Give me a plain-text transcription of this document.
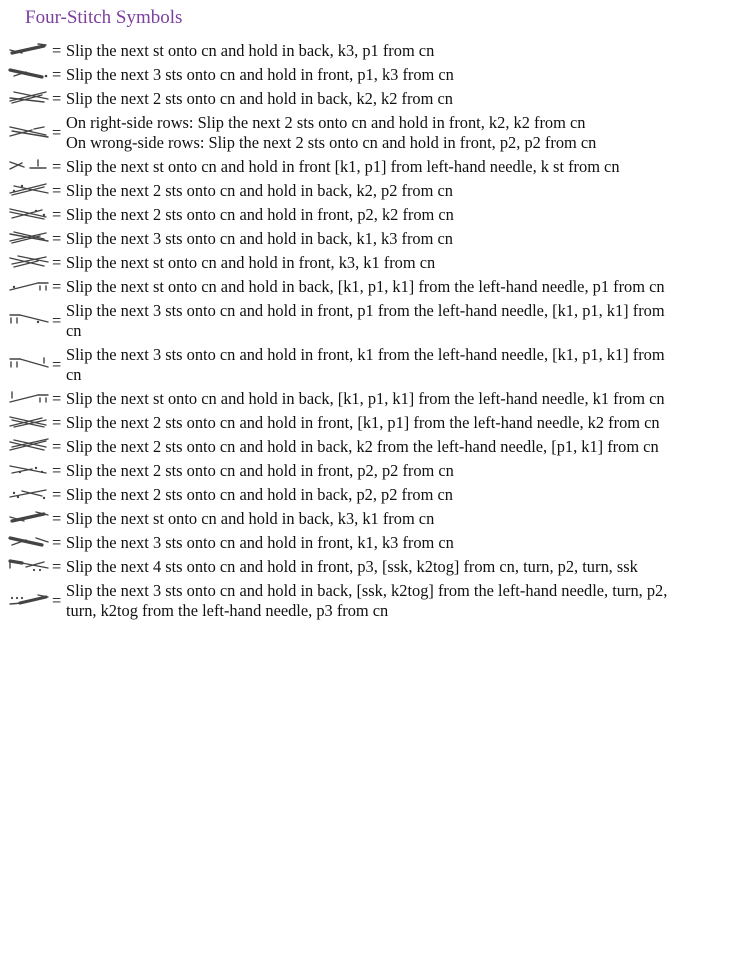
Four-Stitch Symbols
= Slip the next st onto cn and hold in back, k3, p1 from cn
= Slip the next 3 sts onto cn and hold in front, p1, k3 from cn
= Slip the next 2 sts onto cn and hold in back, k2, k2 from cn
=
On right-side rows: Slip the next 2 sts onto cn and hold in front, k2, k2 from cn
On wrong-side rows: Slip the next 2 sts onto cn and hold in front, p2, p2 from cn
= Slip the next st onto cn and hold in front [k1, p1] from left-hand needle, k st from cn
= Slip the next 2 sts onto cn and hold in back, k2, p2 from cn
= Slip the next 2 sts onto cn and hold in front, p2, k2 from cn
= Slip the next 3 sts onto cn and hold in back, k1, k3 from cn
= Slip the next st onto cn and hold in front, k3, k1 from cn
= Slip the next st onto cn and hold in back, [k1, p1, k1] from the left-hand needle, p1 from cn
=
Slip the next 3 sts onto cn and hold in front, p1 from the left-hand needle, [k1, p1, k1] from
cn
=
Slip the next 3 sts onto cn and hold in front, k1 from the left-hand needle, [k1, p1, k1] from
cn
= Slip the next st onto cn and hold in back, [k1, p1, k1] from the left-hand needle, k1 from cn
= Slip the next 2 sts onto cn and hold in front, [k1, p1] from the left-hand needle, k2 from cn
= Slip the next 2 sts onto cn and hold in back, k2 from the left-hand needle, [p1, k1] from cn
= Slip the next 2 sts onto cn and hold in front, p2, p2 from cn
= Slip the next 2 sts onto cn and hold in back, p2, p2 from cn
= Slip the next st onto cn and hold in back, k3, k1 from cn
= Slip the next 3 sts onto cn and hold in front, k1, k3 from cn
= Slip the next 4 sts onto cn and hold in front, p3, [ssk, k2tog] from cn, turn, p2, turn, ssk
=
Slip the next 3 sts onto cn and hold in back, [ssk, k2tog] from the left-hand needle, turn, p2,
turn, k2tog from the left-hand needle, p3 from cn
